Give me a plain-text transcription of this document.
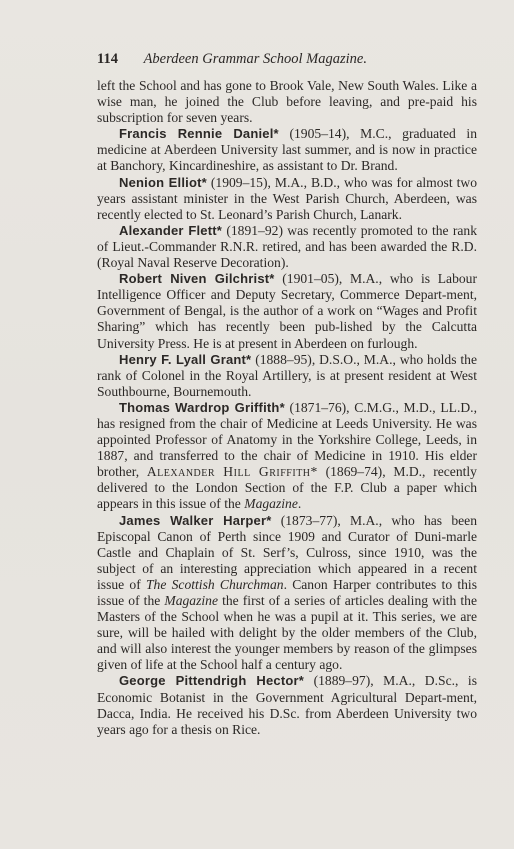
114 Aberdeen Grammar School Magazine.

left the School and has gone to Brook Vale, New South Wales. Like a wise man, he joined the Club before leaving, and pre-paid his subscription for seven years.

Francis Rennie Daniel* (1905–14), M.C., graduated in medicine at Aberdeen University last summer, and is now in practice at Banchory, Kincardineshire, as assistant to Dr. Brand.

Nenion Elliot* (1909–15), M.A., B.D., who was for almost two years assistant minister in the West Parish Church, Aberdeen, was recently elected to St. Leonard’s Parish Church, Lanark.

Alexander Flett* (1891–92) was recently promoted to the rank of Lieut.-Commander R.N.R. retired, and has been awarded the R.D. (Royal Naval Reserve Decoration).

Robert Niven Gilchrist* (1901–05), M.A., who is Labour Intelligence Officer and Deputy Secretary, Commerce Depart-ment, Government of Bengal, is the author of a work on “Wages and Profit Sharing” which has recently been pub-lished by the Calcutta University Press. He is at present in Aberdeen on furlough.

Henry F. Lyall Grant* (1888–95), D.S.O., M.A., who holds the rank of Colonel in the Royal Artillery, is at present resident at West Southbourne, Bournemouth.

Thomas Wardrop Griffith* (1871–76), C.M.G., M.D., LL.D., has resigned from the chair of Medicine at Leeds University. He was appointed Professor of Anatomy in the Yorkshire College, Leeds, in 1887, and transferred to the chair of Medicine in 1910. His elder brother, Alexander Hill Griffith* (1869–74), M.D., recently delivered to the London Section of the F.P. Club a paper which appears in this issue of the Magazine.

James Walker Harper* (1873–77), M.A., who has been Episcopal Canon of Perth since 1909 and Curator of Duni-marle Castle and Chaplain of St. Serf’s, Culross, since 1910, was the subject of an interesting appreciation which appeared in a recent issue of The Scottish Churchman. Canon Harper contributes to this issue of the Magazine the first of a series of articles dealing with the Masters of the School when he was a pupil at it. This series, we are sure, will be hailed with delight by the older members of the Club, and will also interest the younger members by reason of the glimpses given of life at the School half a century ago.

George Pittendrigh Hector* (1889–97), M.A., D.Sc., is Economic Botanist in the Government Agricultural Depart-ment, Dacca, India. He received his D.Sc. from Aberdeen University two years ago for a thesis on Rice.
